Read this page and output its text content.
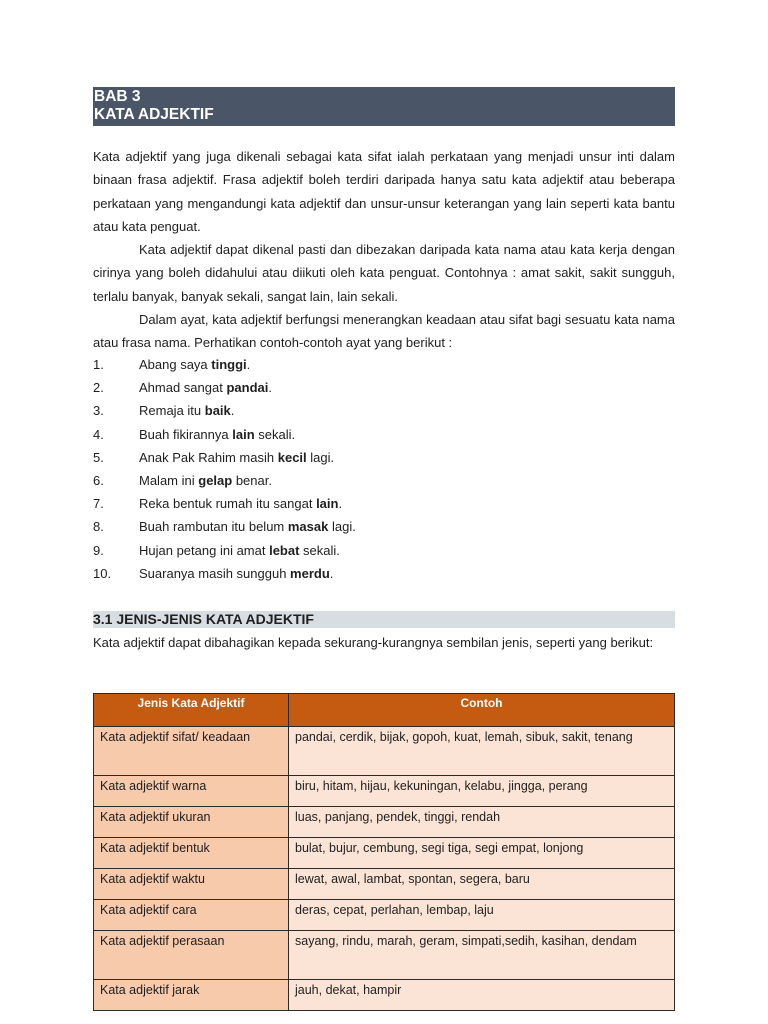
BAB 3
KATA ADJEKTIF

Kata adjektif yang juga dikenali sebagai kata sifat ialah perkataan yang menjadi unsur inti dalam binaan frasa adjektif. Frasa adjektif boleh terdiri daripada hanya satu kata adjektif atau beberapa perkataan yang mengandungi kata adjektif dan unsur-unsur keterangan yang lain seperti kata bantu atau kata penguat.

Kata adjektif dapat dikenal pasti dan dibezakan daripada kata nama atau kata kerja dengan cirinya yang boleh didahului atau diikuti oleh kata penguat. Contohnya : amat sakit, sakit sungguh, terlalu banyak, banyak sekali, sangat lain, lain sekali.

Dalam ayat, kata adjektif berfungsi menerangkan keadaan atau sifat bagi sesuatu kata nama atau frasa nama. Perhatikan contoh-contoh ayat yang berikut :

1.	Abang saya tinggi.
2.	Ahmad sangat pandai.
3.	Remaja itu baik.
4.	Buah fikirannya lain sekali.
5.	Anak Pak Rahim masih kecil lagi.
6.	Malam ini gelap benar.
7.	Reka bentuk rumah itu sangat lain.
8.	Buah rambutan itu belum masak lagi.
9.	Hujan petang ini amat lebat sekali.
10.	Suaranya masih sungguh merdu.
3.1 JENIS-JENIS KATA ADJEKTIF

Kata adjektif dapat dibahagikan kepada sekurang-kurangnya sembilan jenis, seperti yang berikut:

Jenis Kata Adjektif	Contoh
Kata adjektif sifat/ keadaan	pandai, cerdik, bijak, gopoh, kuat, lemah, sibuk, sakit, tenang
Kata adjektif warna	biru, hitam, hijau, kekuningan, kelabu, jingga, perang
Kata adjektif ukuran	luas, panjang, pendek, tinggi, rendah
Kata adjektif bentuk	bulat, bujur, cembung, segi tiga, segi empat, lonjong
Kata adjektif waktu	lewat, awal, lambat, spontan, segera, baru
Kata adjektif cara	deras, cepat, perlahan, lembap, laju
Kata adjektif perasaan	sayang, rindu, marah, geram, simpati,sedih, kasihan, dendam
Kata adjektif jarak	jauh, dekat, hampir
